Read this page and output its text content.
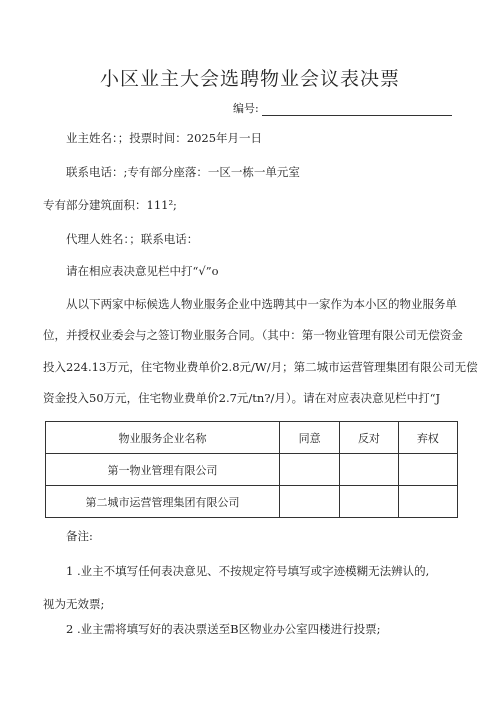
小区业主大会选聘物业会议表决票
编号:
业主姓名：；投票时间：2025年月一日
联系电话：;专有部分座落：一区一栋一单元室
专有部分建筑面积：111²;
代理人姓名：；联系电话：
请在相应表决意见栏中打“√”o
从以下两家中标候选人物业服务企业中选聘其中一家作为本小区的物业服务单
位，并授权业委会与之签订物业服务合同。（其中：第一物业管理有限公司无偿资金
投入224.13万元，住宅物业费单价2.8元/W/月；第二城市运营管理集团有限公司无偿
资金投入50万元，住宅物业费单价2.7元/tn?/月）。请在对应表决意见栏中打“J
物业服务企业名称	同意	反对	弃权
第一物业管理有限公司			
第二城市运营管理集团有限公司			
备注:
1 .业主不填写任何表决意见、不按规定符号填写或字迹模糊无法辨认的,
视为无效票;
2 .业主需将填写好的表决票送至B区物业办公室四楼进行投票;
